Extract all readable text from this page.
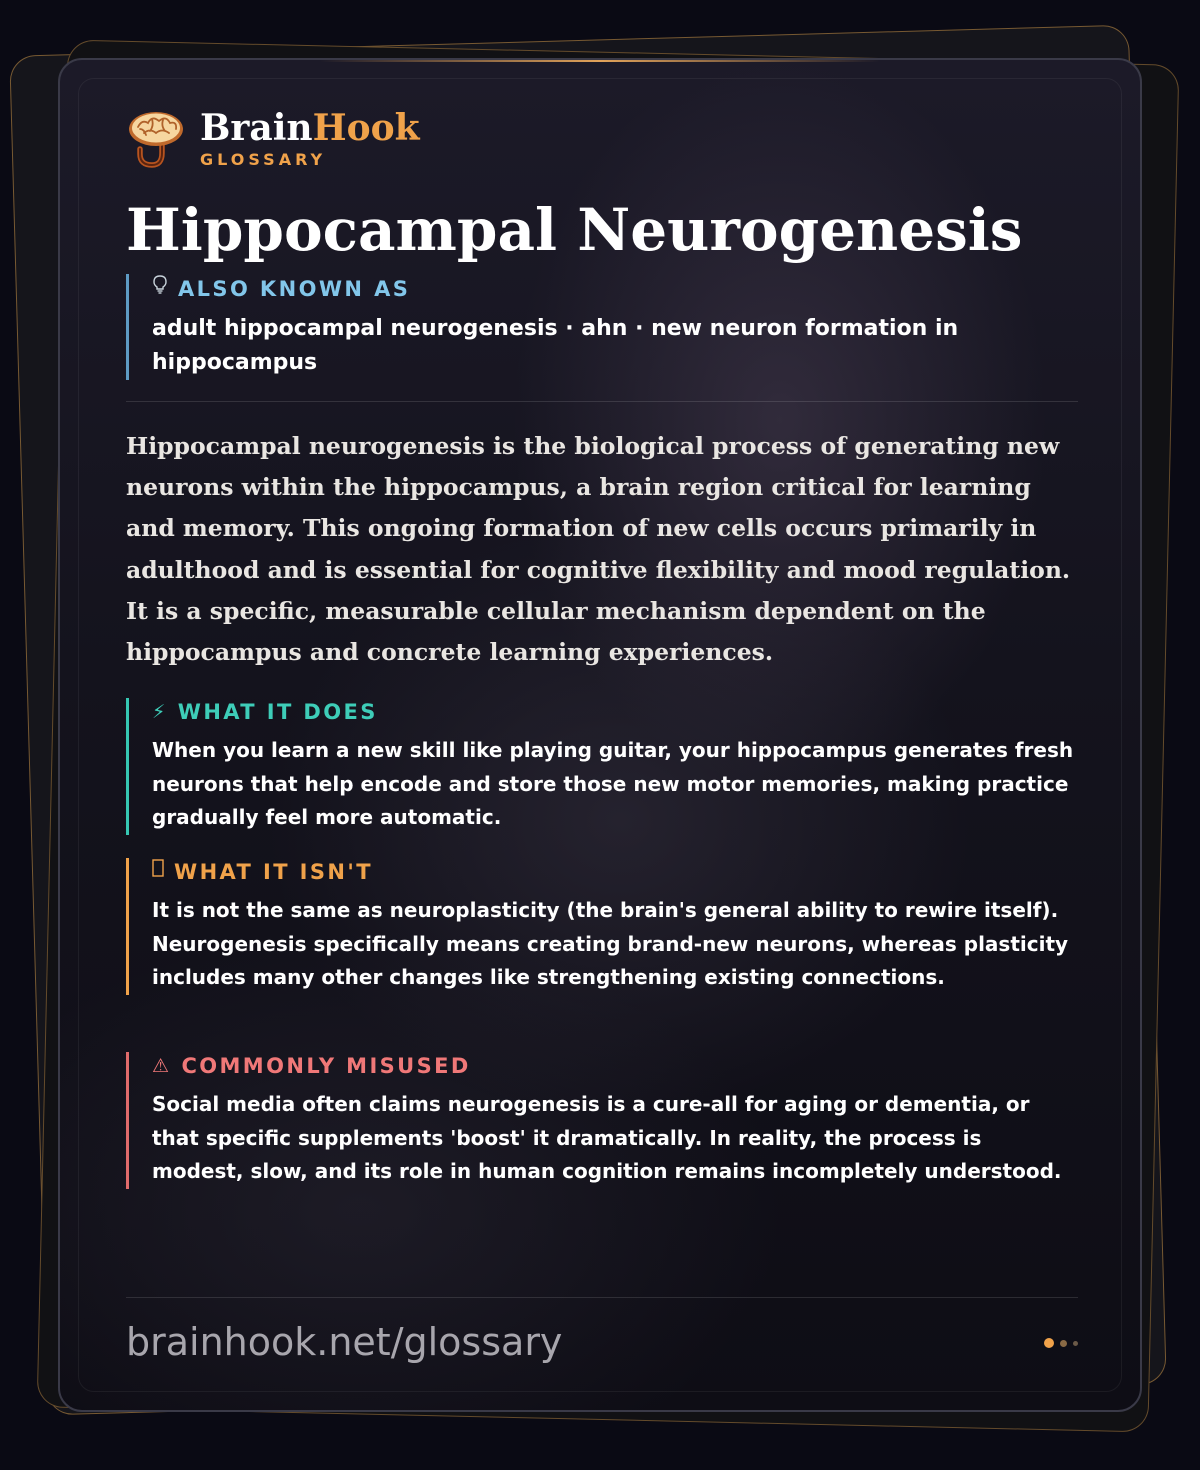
BrainHook
GLOSSARY
Hippocampal Neurogenesis
ALSO KNOWN AS
adult hippocampal neurogenesis · ahn · new neuron formation in hippocampus

Hippocampal neurogenesis is the biological process of generating new neurons within the hippocampus, a brain region critical for learning and memory. This ongoing formation of new cells occurs primarily in adulthood and is essential for cognitive flexibility and mood regulation. It is a specific, measurable cellular mechanism dependent on the hippocampus and concrete learning experiences.

⚡ WHAT IT DOES
When you learn a new skill like playing guitar, your hippocampus generates fresh neurons that help encode and store those new motor memories, making practice gradually feel more automatic.
WHAT IT ISN'T
It is not the same as neuroplasticity (the brain's general ability to rewire itself). Neurogenesis specifically means creating brand-new neurons, whereas plasticity includes many other changes like strengthening existing connections.
⚠ COMMONLY MISUSED
Social media often claims neurogenesis is a cure-all for aging or dementia, or that specific supplements 'boost' it dramatically. In reality, the process is modest, slow, and its role in human cognition remains incompletely understood.
brainhook.net/glossary
